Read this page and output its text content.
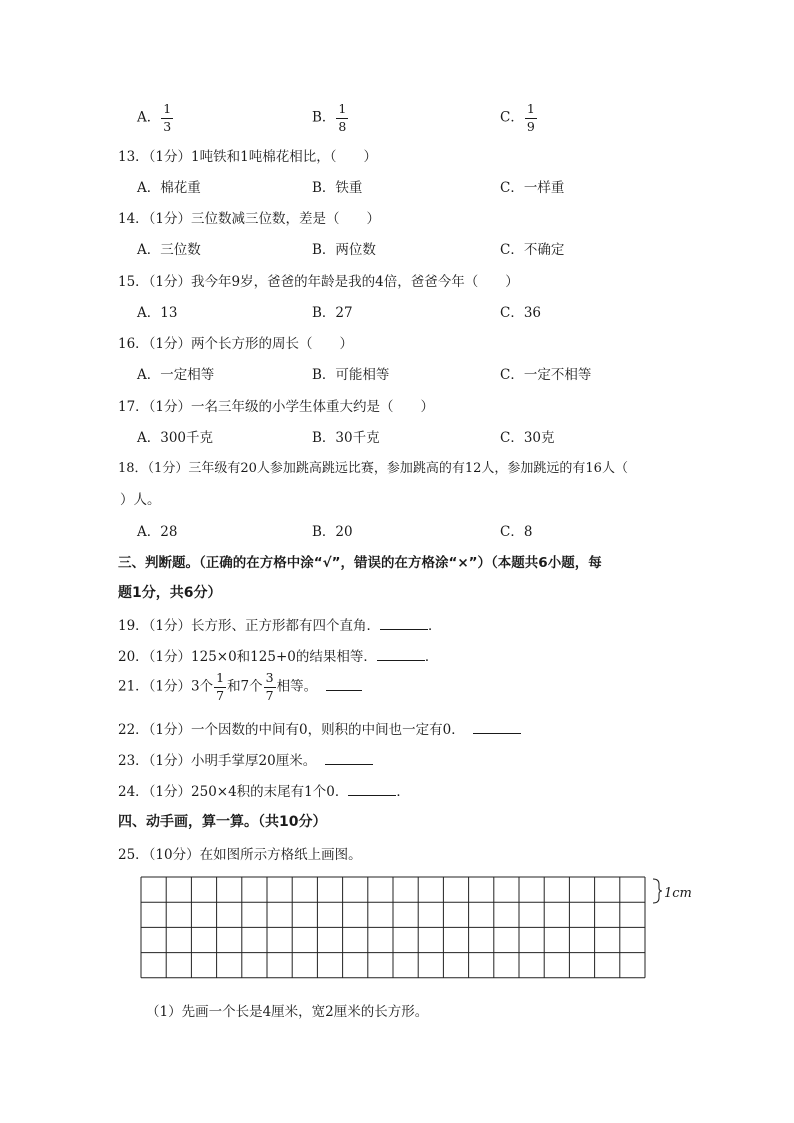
A． $\frac{1}{3}$	B． $\frac{1}{8}$	C． $\frac{1}{9}$
13．（1分）1吨铁和1吨棉花相比，（　　）
A．棉花重	B．铁重	C．一样重
14．（1分）三位数减三位数，差是（　　）
A．三位数	B．两位数	C．不确定
15．（1分）我今年9岁，爸爸的年龄是我的4倍，爸爸今年（　　）
A．13	B．27	C．36
16．（1分）两个长方形的周长（　　）
A．一定相等	B．可能相等	C．一定不相等
17．（1分）一名三年级的小学生体重大约是（　　）
A．300千克	B．30千克	C．30克
18．（1分）三年级有20人参加跳高跳远比赛，参加跳高的有12人，参加跳远的有16人（
）人。
A．28	B．20	C．8
三、判断题。（正确的在方格中涂“√”，错误的在方格涂“×”）（本题共6小题，每
题1分，共6分）
19．（1分）长方形、正方形都有四个直角．	．
20．（1分）125×0和125+0的结果相等．	．
21．（1分）3个 $\frac{1}{7}$ 和7个 $\frac{3}{7}$ 相等。
22．（1分）一个因数的中间有0，则积的中间也一定有0．
23．（1分）小明手掌厚20厘米。
24．（1分）250×4积的末尾有1个0．	．
四、动手画，算一算。（共10分）
25．（10分）在如图所示方格纸上画图。
1cm
（1）先画一个长是4厘米，宽2厘米的长方形。
